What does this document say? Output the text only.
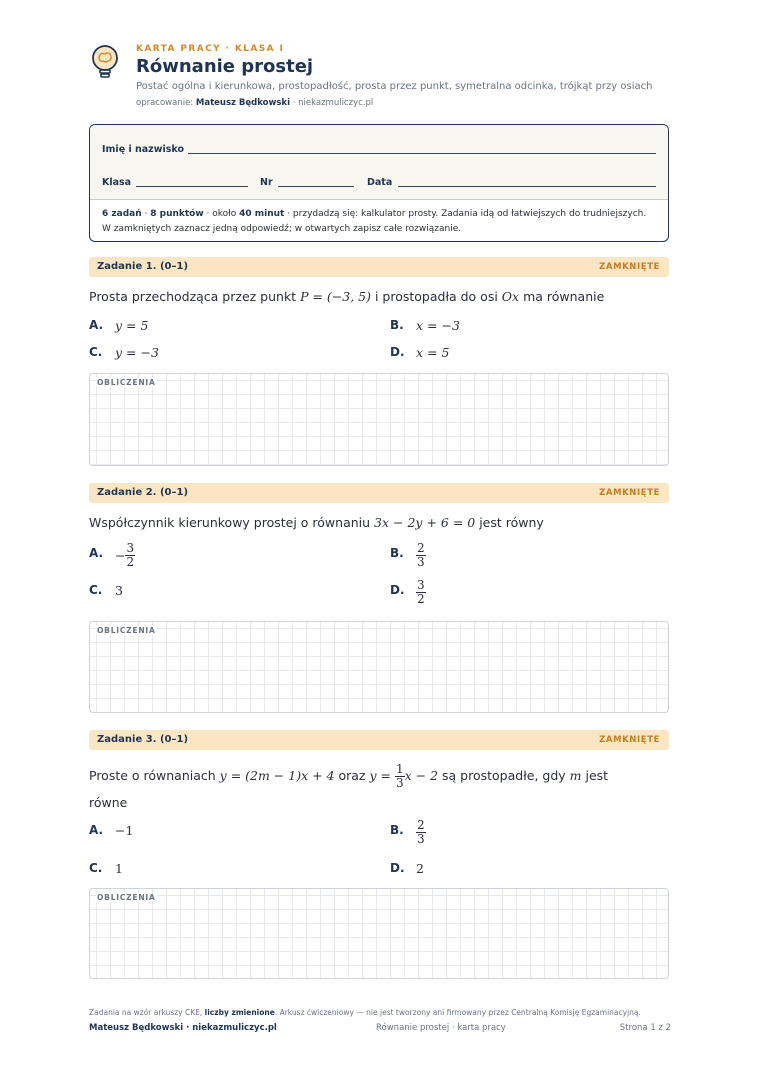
KARTA PRACY · KLASA I
Równanie prostej
Postać ogólna i kierunkowa, prostopadłość, prosta przez punkt, symetralna odcinka, trójkąt przy osiach
opracowanie: Mateusz Będkowski · niekazmuliczyc.pl
Imię i nazwisko
Klasa	Nr	Data
6 zadań · 8 punktów · około 40 minut · przydadzą się: kalkulator prosty. Zadania idą od łatwiejszych do trudniejszych. W zamkniętych zaznacz jedną odpowiedź; w otwartych zapisz całe rozwiązanie.
Zadanie 1. (0–1)	ZAMKNIĘTE
Prosta przechodząca przez punkt P = (−3, 5) i prostopadła do osi Ox ma równanie
A. y = 5	B. x = −3
C. y = −3	D. x = 5
OBLICZENIA
Zadanie 2. (0–1)	ZAMKNIĘTE
Współczynnik kierunkowy prostej o równaniu 3x − 2y + 6 = 0 jest równy
A. − $\frac{3}{2}$	B. $\frac{2}{3}$
C. 3	D. $\frac{3}{2}$
OBLICZENIA
Zadanie 3. (0–1)	ZAMKNIĘTE
Proste o równaniach y = (2m − 1)x + 4 oraz $y = \frac{1}{3}$ x − 2 są prostopadłe, gdy m jest
równe
A. −1	B. $\frac{2}{3}$
C. 1	D. 2
OBLICZENIA
Zadania na wzór arkuszy CKE, liczby zmienione. Arkusz ćwiczeniowy — nie jest tworzony ani firmowany przez Centralną Komisję Egzaminacyjną.
Mateusz Będkowski · niekazmuliczyc.pl	Równanie prostej · karta pracy	Strona 1 z 2
